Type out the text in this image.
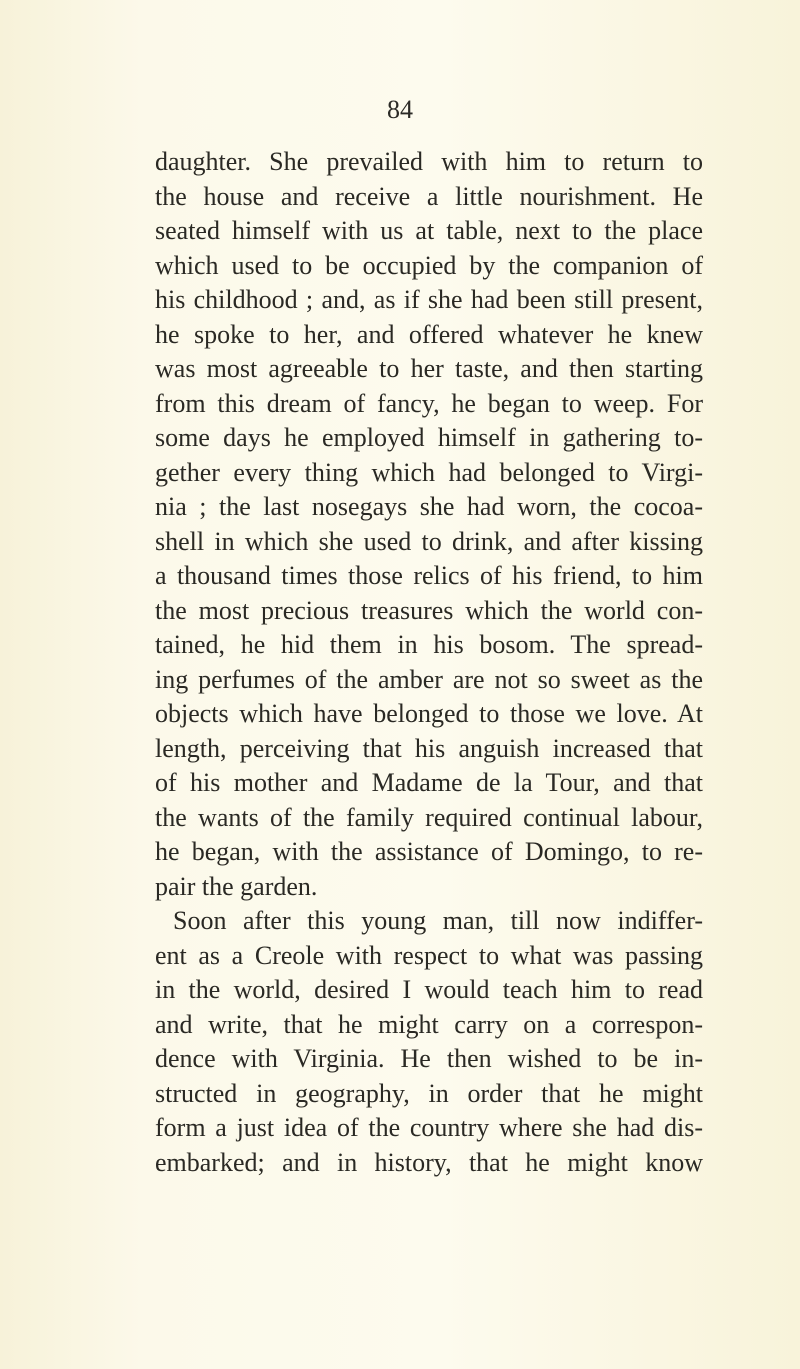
84
daughter. She prevailed with him to return to
the house and receive a little nourishment. He
seated himself with us at table, next to the place
which used to be occupied by the companion of
his childhood ; and, as if she had been still present,
he spoke to her, and offered whatever he knew
was most agreeable to her taste, and then starting
from this dream of fancy, he began to weep. For
some days he employed himself in gathering to-
gether every thing which had belonged to Virgi-
nia ; the last nosegays she had worn, the cocoa-
shell in which she used to drink, and after kissing
a thousand times those relics of his friend, to him
the most precious treasures which the world con-
tained, he hid them in his bosom. The spread-
ing perfumes of the amber are not so sweet as the
objects which have belonged to those we love. At
length, perceiving that his anguish increased that
of his mother and Madame de la Tour, and that
the wants of the family required continual labour,
he began, with the assistance of Domingo, to re-
pair the garden.
Soon after this young man, till now indiffer-
ent as a Creole with respect to what was passing
in the world, desired I would teach him to read
and write, that he might carry on a correspon-
dence with Virginia. He then wished to be in-
structed in geography, in order that he might
form a just idea of the country where she had dis-
embarked; and in history, that he might know
